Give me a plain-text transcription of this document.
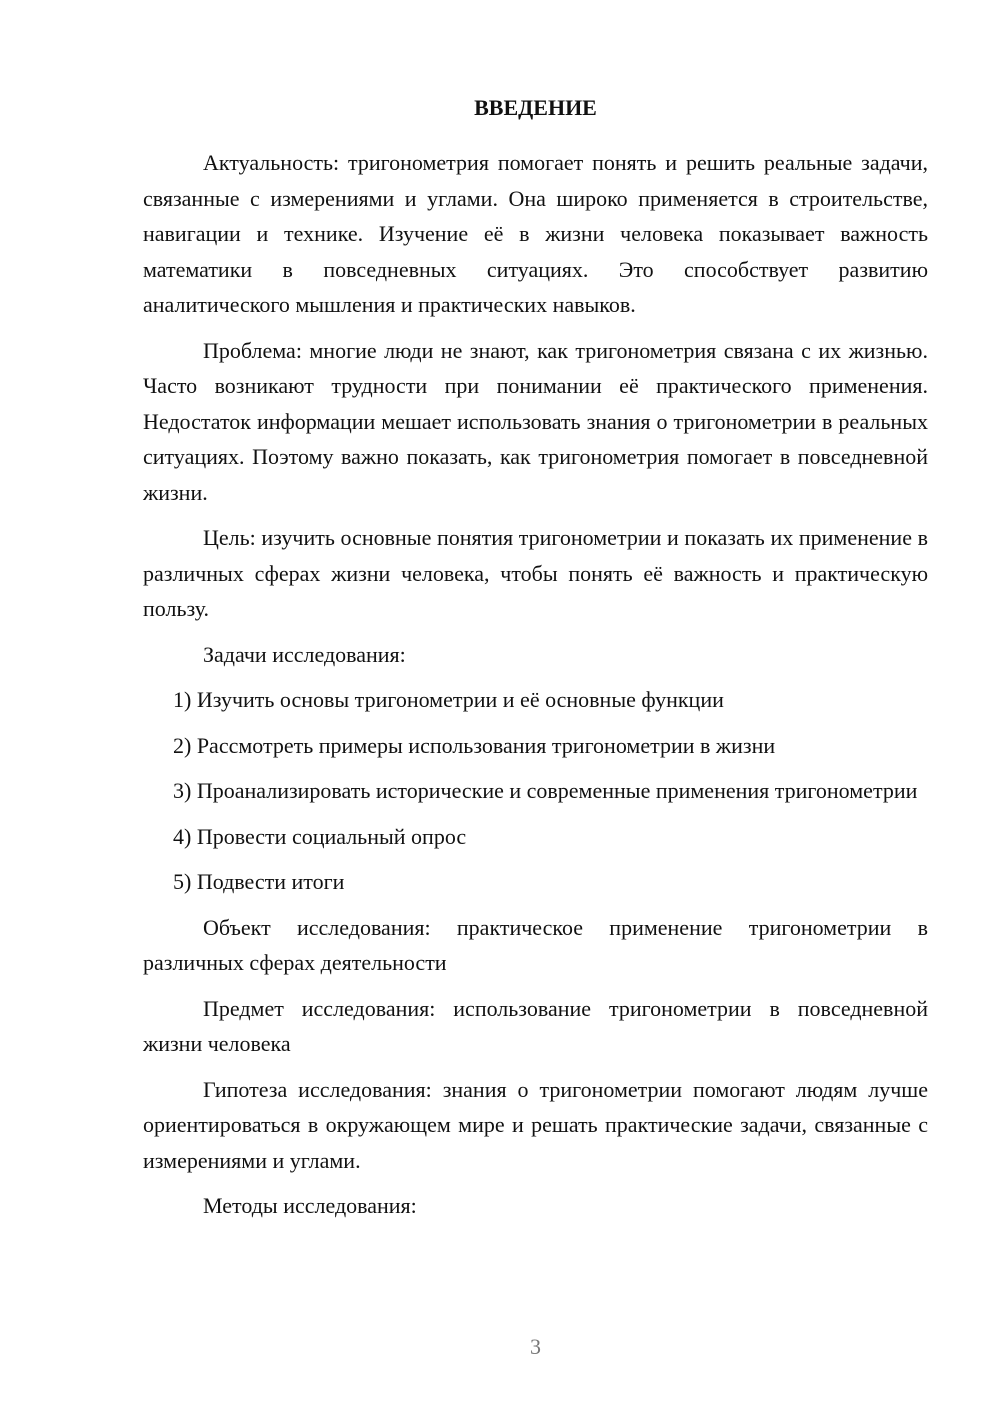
ВВЕДЕНИЕ

Актуальность: тригонометрия помогает понять и решить реальные задачи, связанные с измерениями и углами. Она широко применяется в строительстве, навигации и технике. Изучение её в жизни человека показывает важность математики в повседневных ситуациях. Это способствует развитию аналитического мышления и практических навыков.

Проблема: многие люди не знают, как тригонометрия связана с их жизнью. Часто возникают трудности при понимании её практического применения. Недостаток информации мешает использовать знания о тригонометрии в реальных ситуациях. Поэтому важно показать, как тригонометрия помогает в повседневной жизни.

Цель: изучить основные понятия тригонометрии и показать их применение в различных сферах жизни человека, чтобы понять её важность и практическую пользу.

Задачи исследования:

1) Изучить основы тригонометрии и её основные функции

2) Рассмотреть примеры использования тригонометрии в жизни

3) Проанализировать исторические и современные применения тригонометрии

4) Провести социальный опрос

5) Подвести итоги

Объект исследования: практическое применение тригонометрии в различных сферах деятельности

Предмет исследования: использование тригонометрии в повседневной жизни человека

Гипотеза исследования: знания о тригонометрии помогают людям лучше ориентироваться в окружающем мире и решать практические задачи, связанные с измерениями и углами.

Методы исследования:

3
